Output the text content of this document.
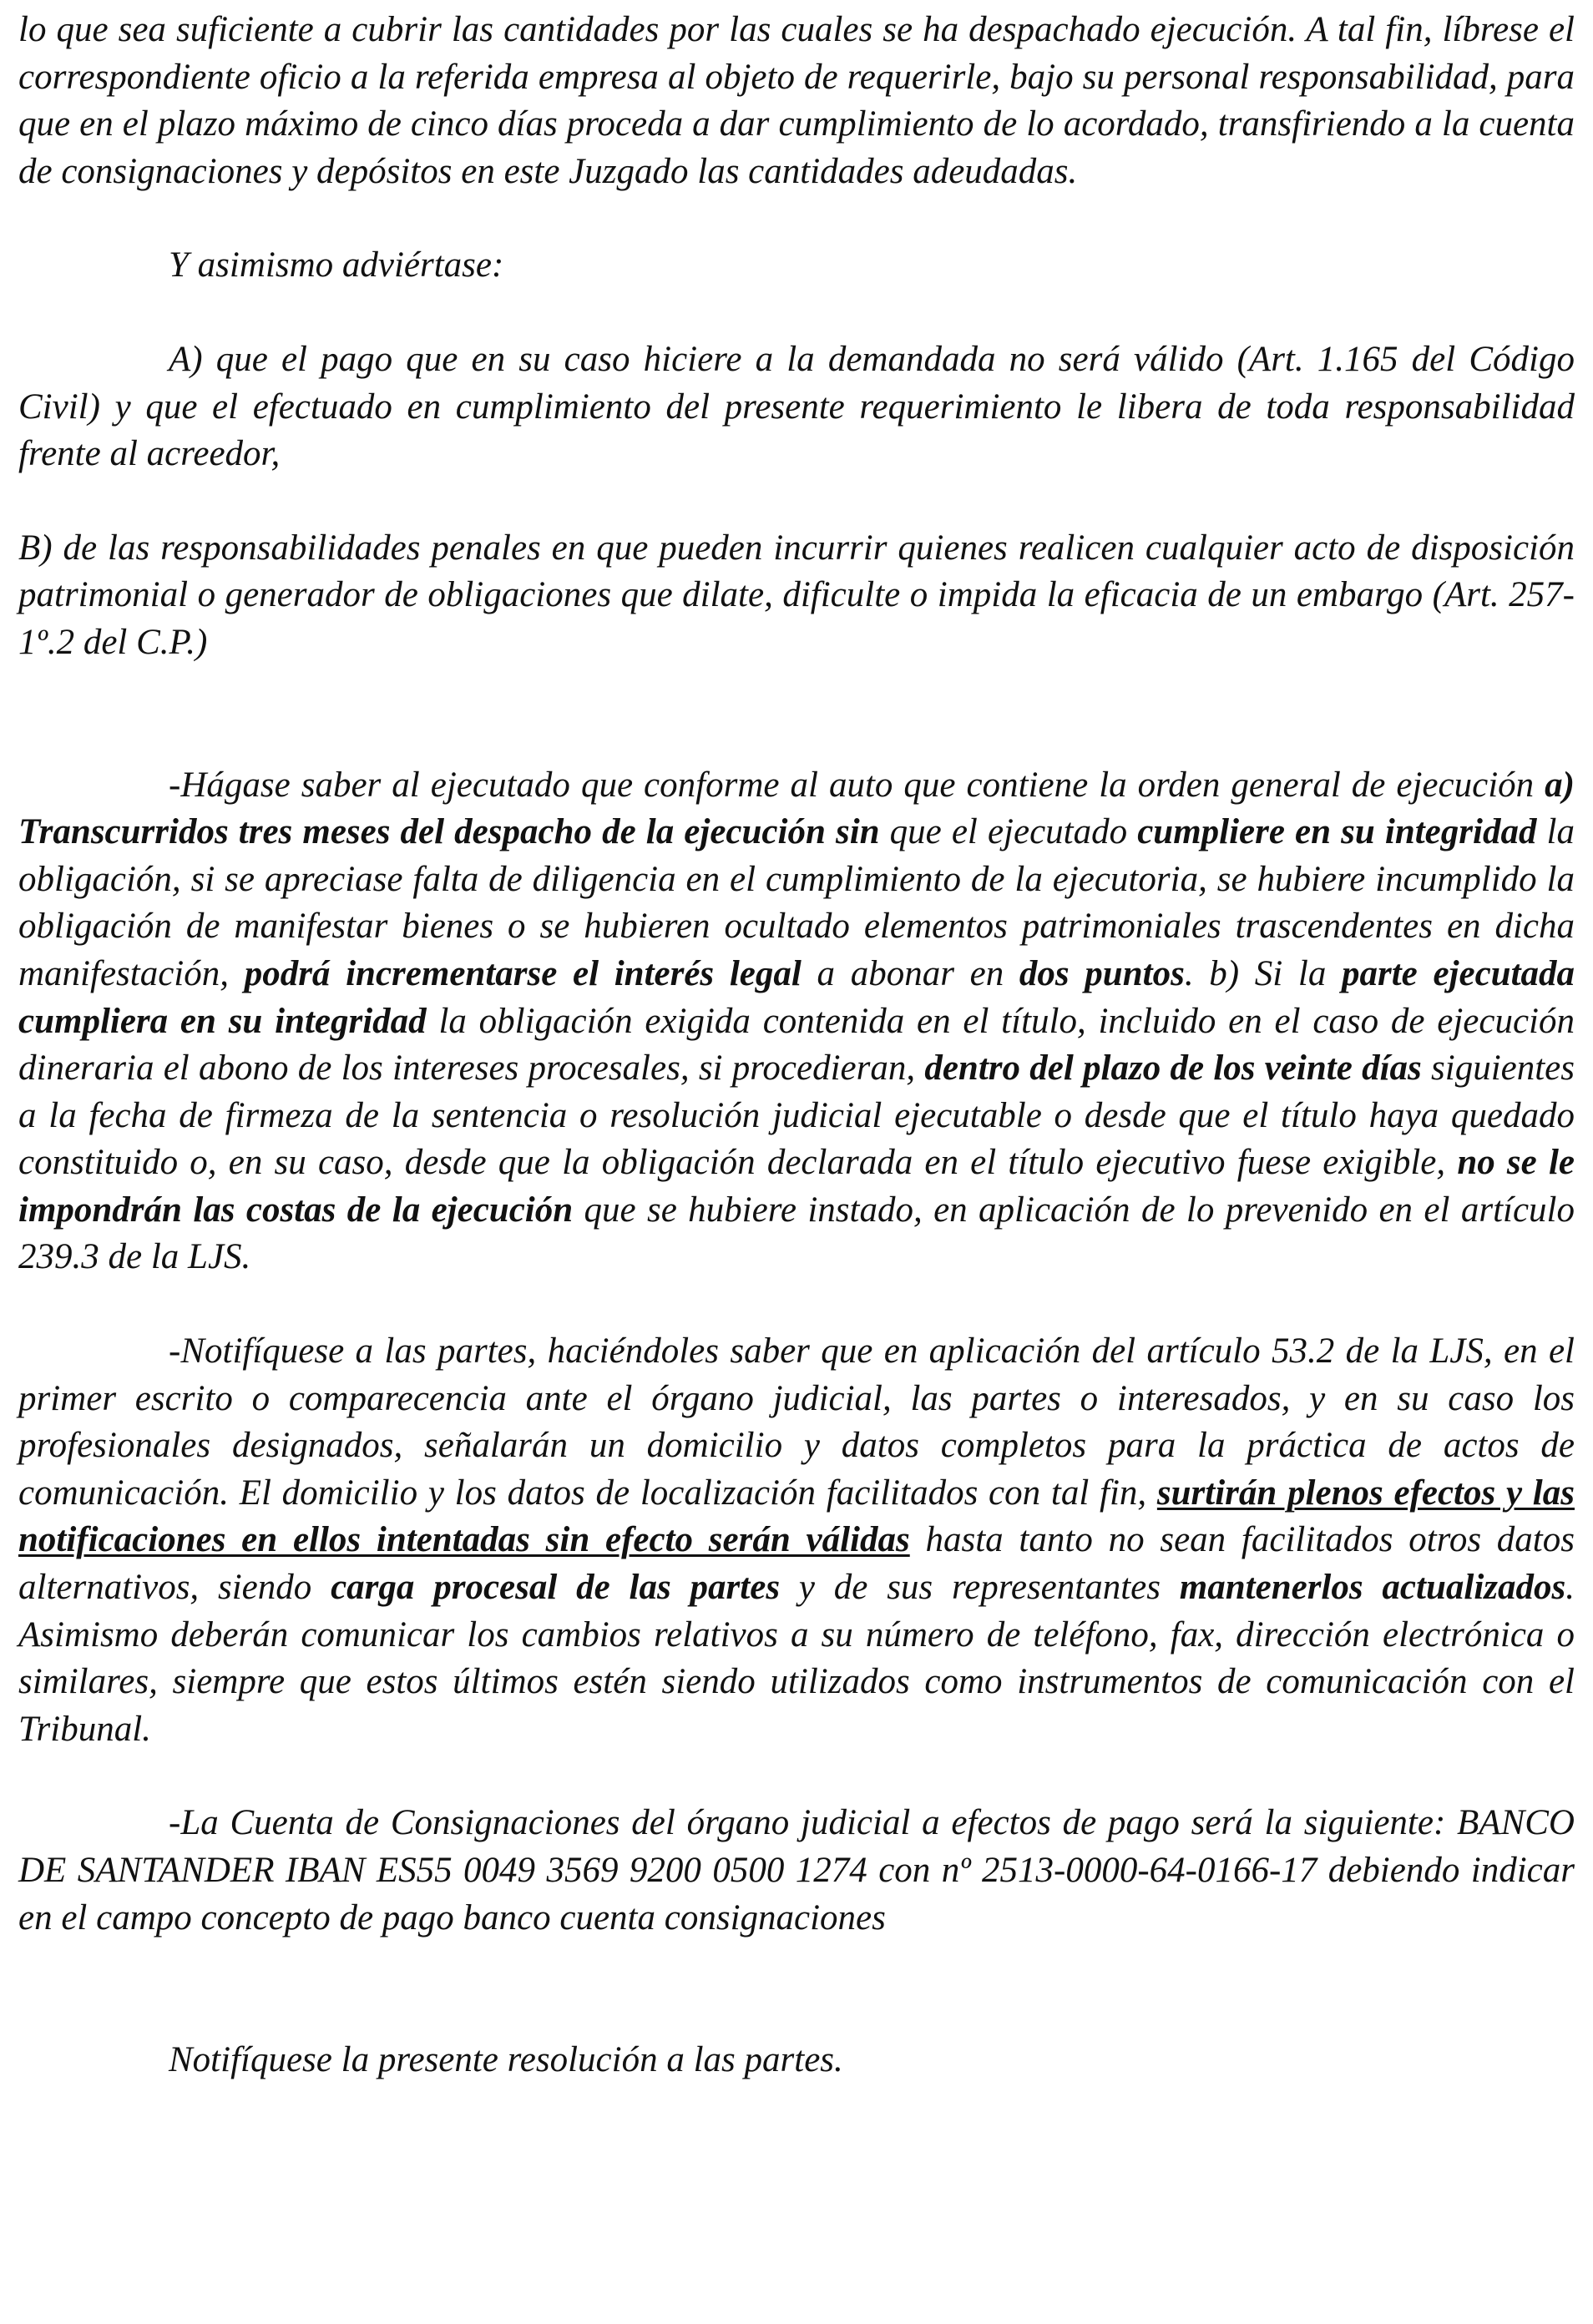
lo que sea suficiente a cubrir las cantidades por las cuales se ha despachado ejecución. A tal fin, líbrese el correspondiente oficio a la referida empresa al objeto de requerirle, bajo su personal responsabilidad, para que en el plazo máximo de cinco días proceda a dar cumplimiento de lo acordado, transfiriendo a la cuenta de consignaciones y depósitos en este Juzgado las cantidades adeudadas.

Y asimismo adviértase:

A) que el pago que en su caso hiciere a la demandada no será válido (Art. 1.165 del Código Civil) y que el efectuado en cumplimiento del presente requerimiento le libera de toda responsabilidad frente al acreedor,

B) de las responsabilidades penales en que pueden incurrir quienes realicen cualquier acto de disposición patrimonial o generador de obligaciones que dilate, dificulte o impida la eficacia de un embargo (Art. 257-1º.2 del C.P.)

-Hágase saber al ejecutado que conforme al auto que contiene la orden general de ejecución a) Transcurridos tres meses del despacho de la ejecución sin que el ejecutado cumpliere en su integridad la obligación, si se apreciase falta de diligencia en el cumplimiento de la ejecutoria, se hubiere incumplido la obligación de manifestar bienes o se hubieren ocultado elementos patrimoniales trascendentes en dicha manifestación, podrá incrementarse el interés legal a abonar en dos puntos. b) Si la parte ejecutada cumpliera en su integridad la obligación exigida contenida en el título, incluido en el caso de ejecución dineraria el abono de los intereses procesales, si procedieran, dentro del plazo de los veinte días siguientes a la fecha de firmeza de la sentencia o resolución judicial ejecutable o desde que el título haya quedado constituido o, en su caso, desde que la obligación declarada en el título ejecutivo fuese exigible, no se le impondrán las costas de la ejecución que se hubiere instado, en aplicación de lo prevenido en el artículo 239.3 de la LJS.

-Notifíquese a las partes, haciéndoles saber que en aplicación del artículo 53.2 de la LJS, en el primer escrito o comparecencia ante el órgano judicial, las partes o interesados, y en su caso los profesionales designados, señalarán un domicilio y datos completos para la práctica de actos de comunicación. El domicilio y los datos de localización facilitados con tal fin, surtirán plenos efectos y las notificaciones en ellos intentadas sin efecto serán válidas hasta tanto no sean facilitados otros datos alternativos, siendo carga procesal de las partes y de sus representantes mantenerlos actualizados. Asimismo deberán comunicar los cambios relativos a su número de teléfono, fax, dirección electrónica o similares, siempre que estos últimos estén siendo utilizados como instrumentos de comunicación con el Tribunal.

-La Cuenta de Consignaciones del órgano judicial a efectos de pago será la siguiente: BANCO DE SANTANDER IBAN ES55 0049 3569 9200 0500 1274 con nº 2513-0000-64-0166-17 debiendo indicar en el campo concepto de pago banco cuenta consignaciones

Notifíquese la presente resolución a las partes.
